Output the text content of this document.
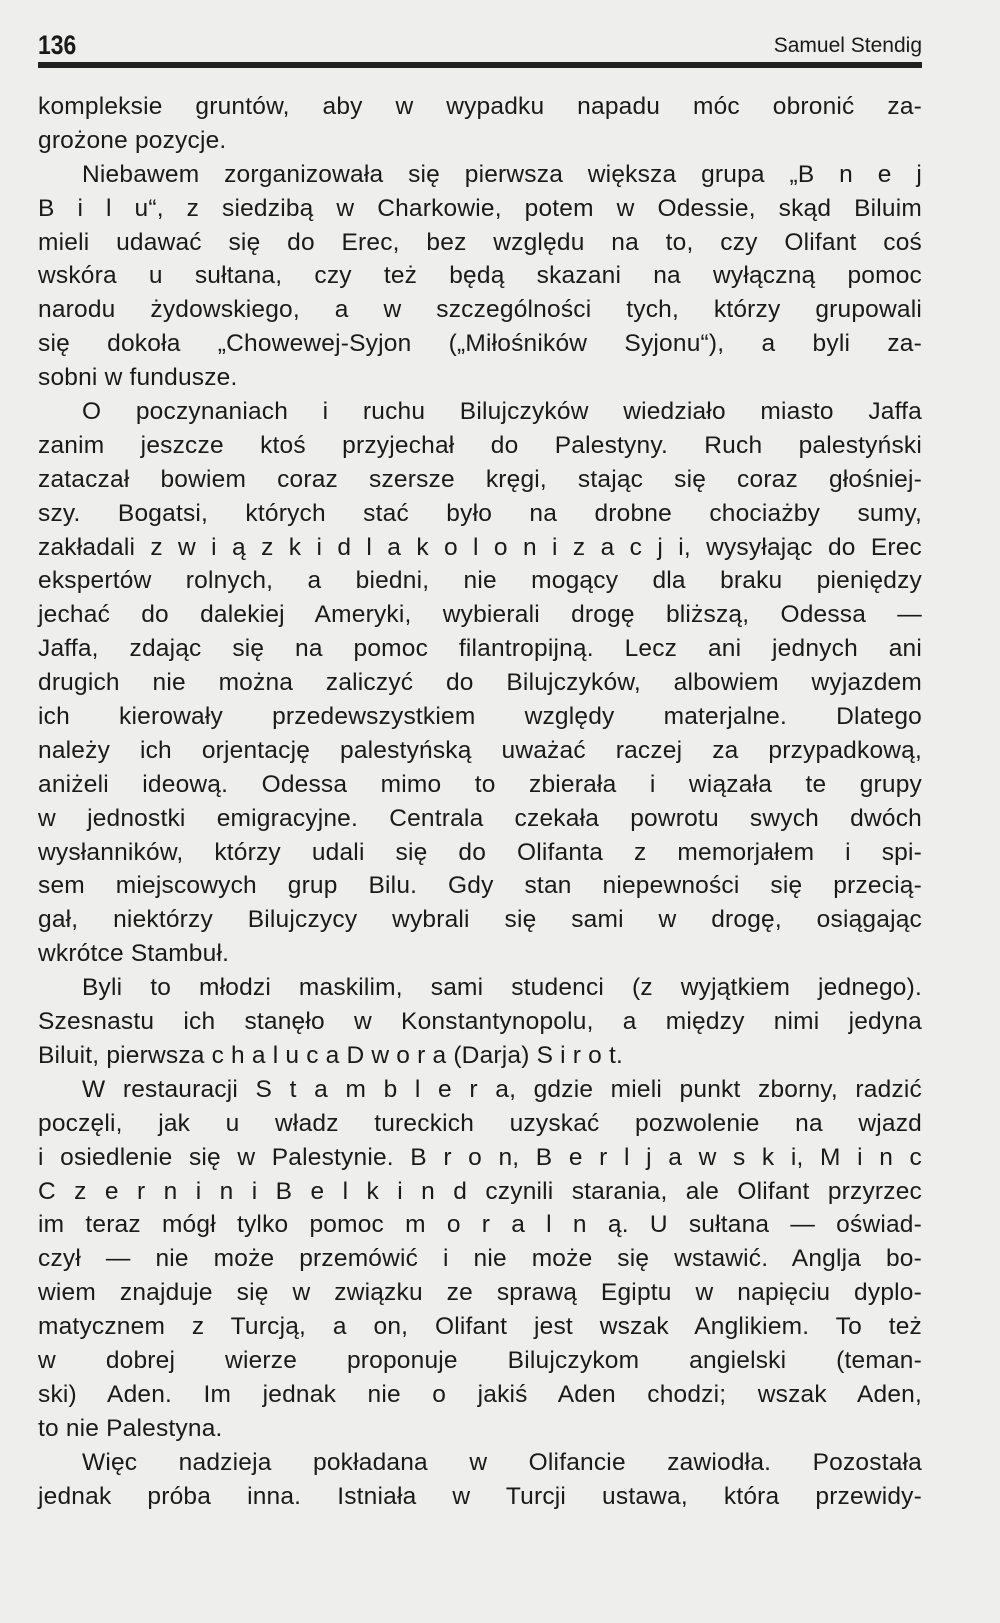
136	Samuel Stendig
kompleksie gruntów, aby w wypadku napadu móc obronić za-
grożone pozycje.
Niebawem zorganizowała się pierwsza większa grupa „B n e j
B i l u“, z siedzibą w Charkowie, potem w Odessie, skąd Biluim
mieli udawać się do Erec, bez względu na to, czy Olifant coś
wskóra u sułtana, czy też będą skazani na wyłączną pomoc
narodu żydowskiego, a w szczególności tych, którzy grupowali
się dokoła „Chowewej-Syjon („Miłośników Syjonu“), a byli za-
sobni w fundusze.
O poczynaniach i ruchu Bilujczyków wiedziało miasto Jaffa
zanim jeszcze ktoś przyjechał do Palestyny. Ruch palestyński
zataczał bowiem coraz szersze kręgi, stając się coraz głośniej-
szy. Bogatsi, których stać było na drobne chociażby sumy,
zakładali z w i ą z k i d l a k o l o n i z a c j i, wysyłając do Erec
ekspertów rolnych, a biedni, nie mogący dla braku pieniędzy
jechać do dalekiej Ameryki, wybierali drogę bliższą, Odessa —
Jaffa, zdając się na pomoc filantropijną. Lecz ani jednych ani
drugich nie można zaliczyć do Bilujczyków, albowiem wyjazdem
ich kierowały przedewszystkiem względy materjalne. Dlatego
należy ich orjentację palestyńską uważać raczej za przypadkową,
aniżeli ideową. Odessa mimo to zbierała i wiązała te grupy
w jednostki emigracyjne. Centrala czekała powrotu swych dwóch
wysłanników, którzy udali się do Olifanta z memorjałem i spi-
sem miejscowych grup Bilu. Gdy stan niepewności się przecią-
gał, niektórzy Bilujczycy wybrali się sami w drogę, osiągając
wkrótce Stambuł.
Byli to młodzi maskilim, sami studenci (z wyjątkiem jednego).
Szesnastu ich stanęło w Konstantynopolu, a między nimi jedyna
Biluit, pierwsza c h a l u c a D w o r a (Darja) S i r o t.
W restauracji S t a m b l e r a, gdzie mieli punkt zborny, radzić
poczęli, jak u władz tureckich uzyskać pozwolenie na wjazd
i osiedlenie się w Palestynie. B r o n, B e r l j a w s k i, M i n c
C z e r n i n i B e l k i n d czynili starania, ale Olifant przyrzec
im teraz mógł tylko pomoc m o r a l n ą. U sułtana — oświad-
czył — nie może przemówić i nie może się wstawić. Anglja bo-
wiem znajduje się w związku ze sprawą Egiptu w napięciu dyplo-
matycznem z Turcją, a on, Olifant jest wszak Anglikiem. To też
w dobrej wierze proponuje Bilujczykom angielski (teman-
ski) Aden. Im jednak nie o jakiś Aden chodzi; wszak Aden,
to nie Palestyna.
Więc nadzieja pokładana w Olifancie zawiodła. Pozostała
jednak próba inna. Istniała w Turcji ustawa, która przewidy-
